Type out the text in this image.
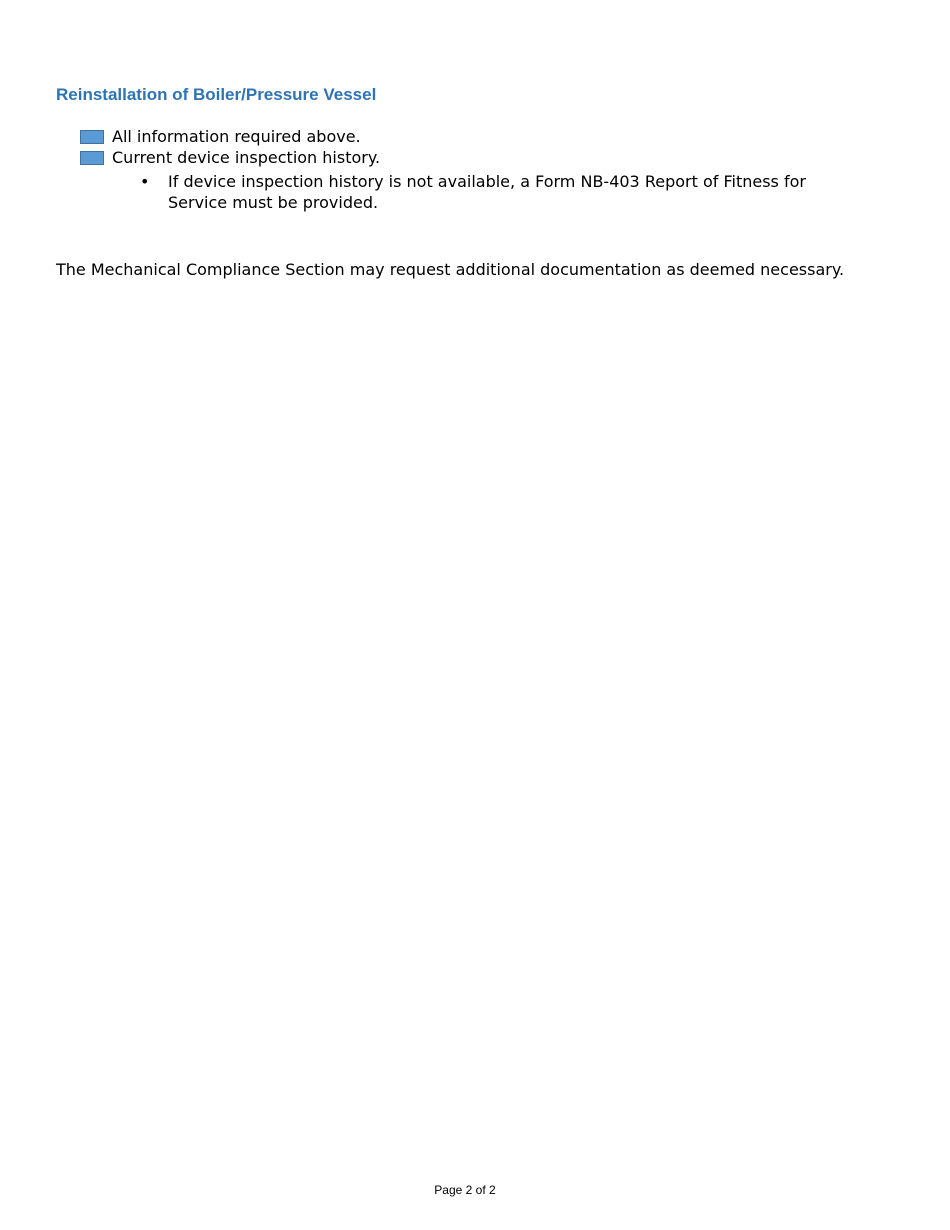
Reinstallation of Boiler/Pressure Vessel
All information required above.
Current device inspection history.
•	If device inspection history is not available, a Form NB-403 Report of Fitness for Service must be provided.

The Mechanical Compliance Section may request additional documentation as deemed necessary.

Page 2 of 2
